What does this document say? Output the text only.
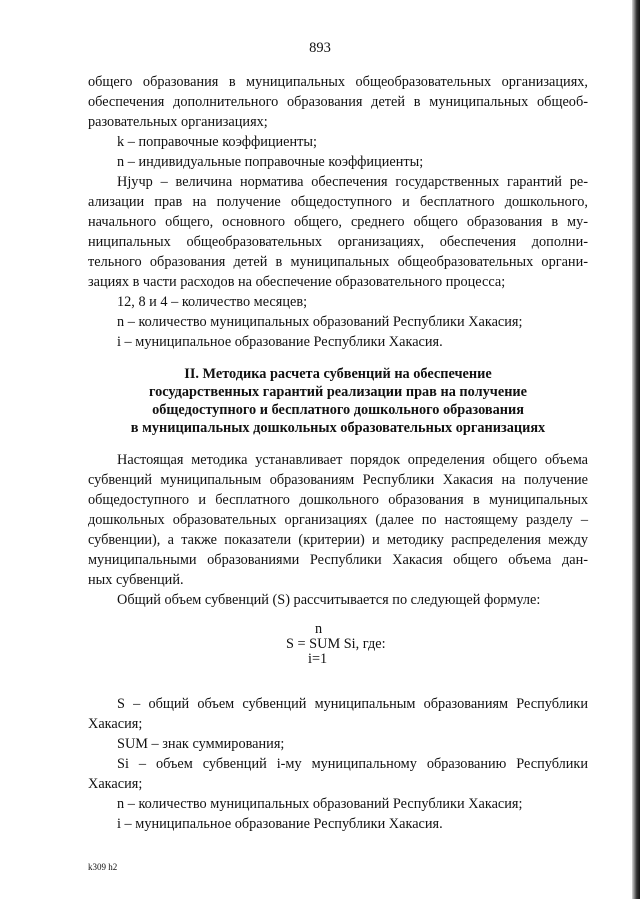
893
общего образования в муниципальных общеобразовательных организациях,
обеспечения дополнительного образования детей в муниципальных общеоб-
разовательных организациях;
k – поправочные коэффициенты;
n – индивидуальные поправочные коэффициенты;
Hjучр – величина норматива обеспечения государственных гарантий ре-
ализации прав на получение общедоступного и бесплатного дошкольного,
начального общего, основного общего, среднего общего образования в му-
ниципальных общеобразовательных организациях, обеспечения дополни-
тельного образования детей в муниципальных общеобразовательных органи-
зациях в части расходов на обеспечение образовательного процесса;
12, 8 и 4 – количество месяцев;
n – количество муниципальных образований Республики Хакасия;
i – муниципальное образование Республики Хакасия.
II. Методика расчета субвенций на обеспечение
государственных гарантий реализации прав на получение
общедоступного и бесплатного дошкольного образования
в муниципальных дошкольных образовательных организациях
Настоящая методика устанавливает порядок определения общего объема
субвенций муниципальным образованиям Республики Хакасия на получение
общедоступного и бесплатного дошкольного образования в муниципальных
дошкольных образовательных организациях (далее по настоящему разделу –
субвенции), а также показатели (критерии) и методику распределения между
муниципальными образованиями Республики Хакасия общего объема дан-
ных субвенций.
Общий объем субвенций (S) рассчитывается по следующей формуле:
n
S = SUM Si, где:
i=1
S – общий объем субвенций муниципальным образованиям Республики
Хакасия;
SUM – знак суммирования;
Si – объем субвенций i-му муниципальному образованию Республики
Хакасия;
n – количество муниципальных образований Республики Хакасия;
i – муниципальное образование Республики Хакасия.
k309 h2
